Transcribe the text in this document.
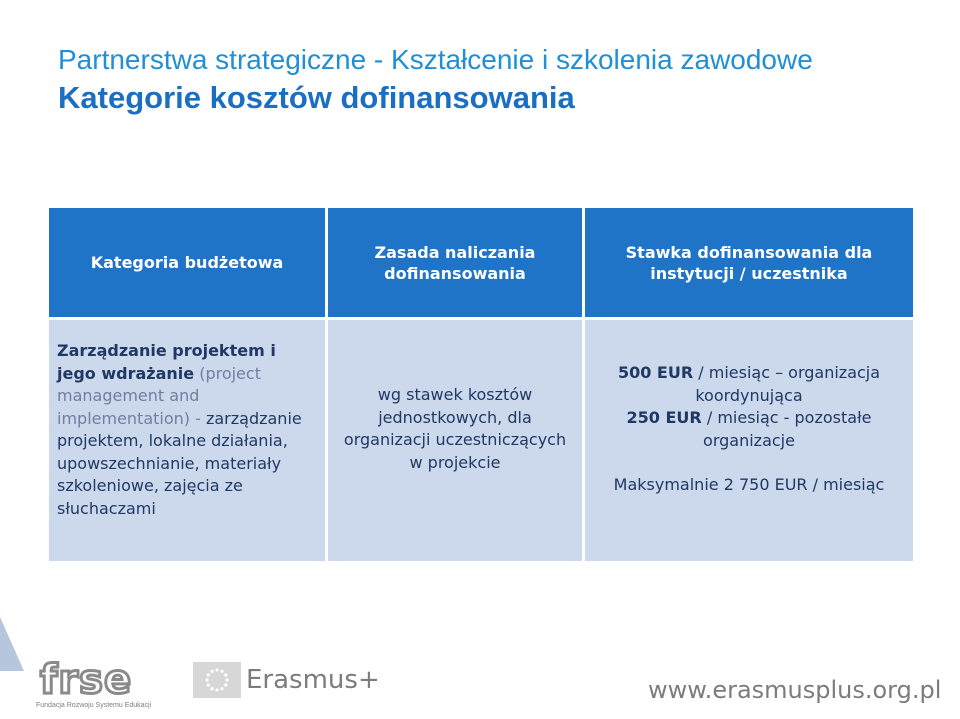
Partnerstwa strategiczne - Kształcenie i szkolenia zawodowe
Kategorie kosztów dofinansowania
Kategoria budżetowa	Zasada naliczania dofinansowania	Stawka dofinansowania dla instytucji / uczestnika
Zarządzanie projektem i jego wdrażanie (project management and implementation) - zarządzanie projektem, lokalne działania, upowszechnianie, materiały szkoleniowe, zajęcia ze słuchaczami	wg stawek kosztów jednostkowych, dla organizacji uczestniczących w projekcie	500 EUR / miesiąc – organizacja koordynująca
250 EUR / miesiąc - pozostałe organizacje
Maksymalnie 2 750 EUR / miesiąc
frse
Fundacja Rozwoju Systemu Edukacji
Erasmus+	www.erasmusplus.org.pl
